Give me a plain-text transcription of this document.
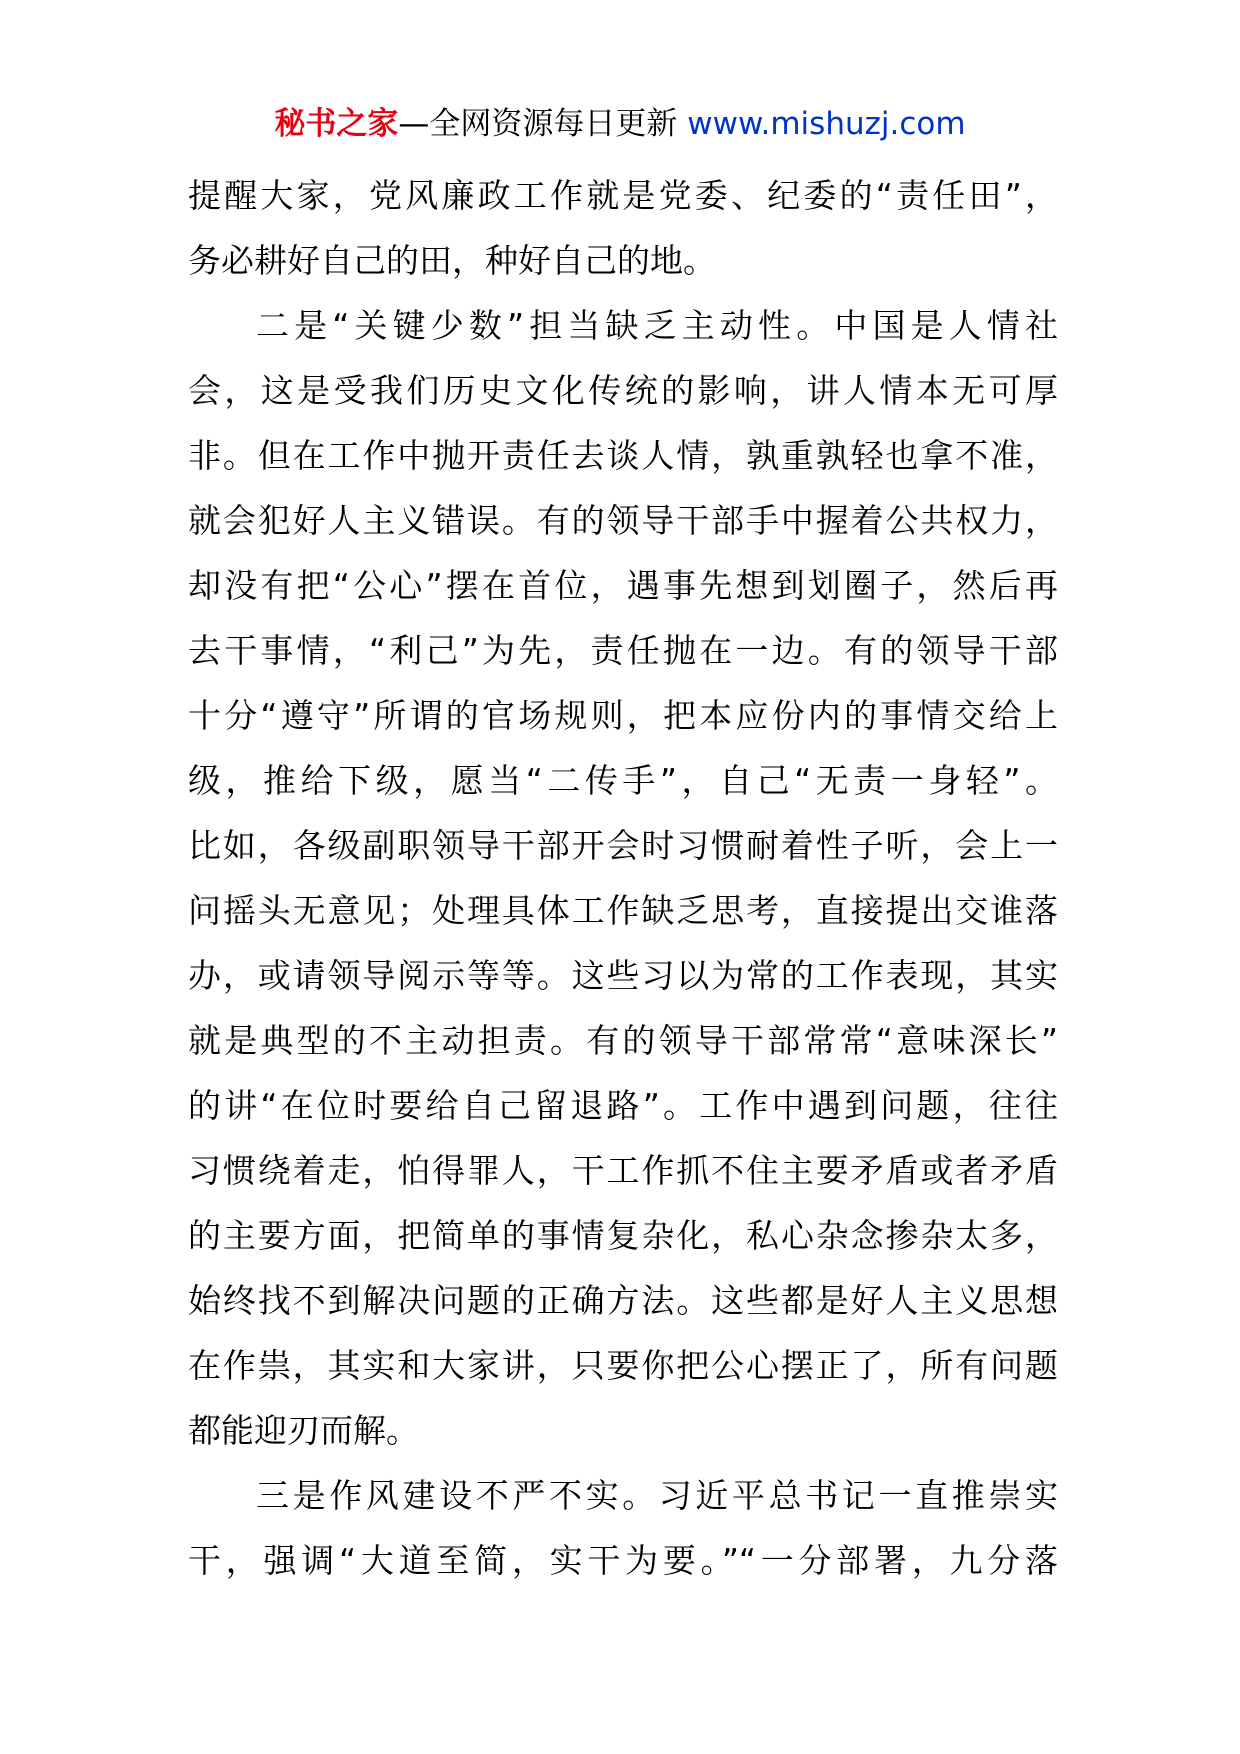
秘书之家—全网资源每日更新 www.mishuzj.com
提醒大家，党风廉政工作就是党委、纪委的“责任田”，
务必耕好自己的田，种好自己的地。
二是“关键少数”担当缺乏主动性。中国是人情社
会，这是受我们历史文化传统的影响，讲人情本无可厚
非。但在工作中抛开责任去谈人情，孰重孰轻也拿不准，
就会犯好人主义错误。有的领导干部手中握着公共权力，
却没有把“公心”摆在首位，遇事先想到划圈子，然后再
去干事情，“利己”为先，责任抛在一边。有的领导干部
十分“遵守”所谓的官场规则，把本应份内的事情交给上
级，推给下级，愿当“二传手”，自己“无责一身轻”。
比如，各级副职领导干部开会时习惯耐着性子听，会上一
问摇头无意见；处理具体工作缺乏思考，直接提出交谁落
办，或请领导阅示等等。这些习以为常的工作表现，其实
就是典型的不主动担责。有的领导干部常常“意味深长”
的讲“在位时要给自己留退路”。工作中遇到问题，往往
习惯绕着走，怕得罪人，干工作抓不住主要矛盾或者矛盾
的主要方面，把简单的事情复杂化，私心杂念掺杂太多，
始终找不到解决问题的正确方法。这些都是好人主义思想
在作祟，其实和大家讲，只要你把公心摆正了，所有问题
都能迎刃而解。
三是作风建设不严不实。习近平总书记一直推崇实
干，强调“大道至简，实干为要。”“一分部署，九分落
